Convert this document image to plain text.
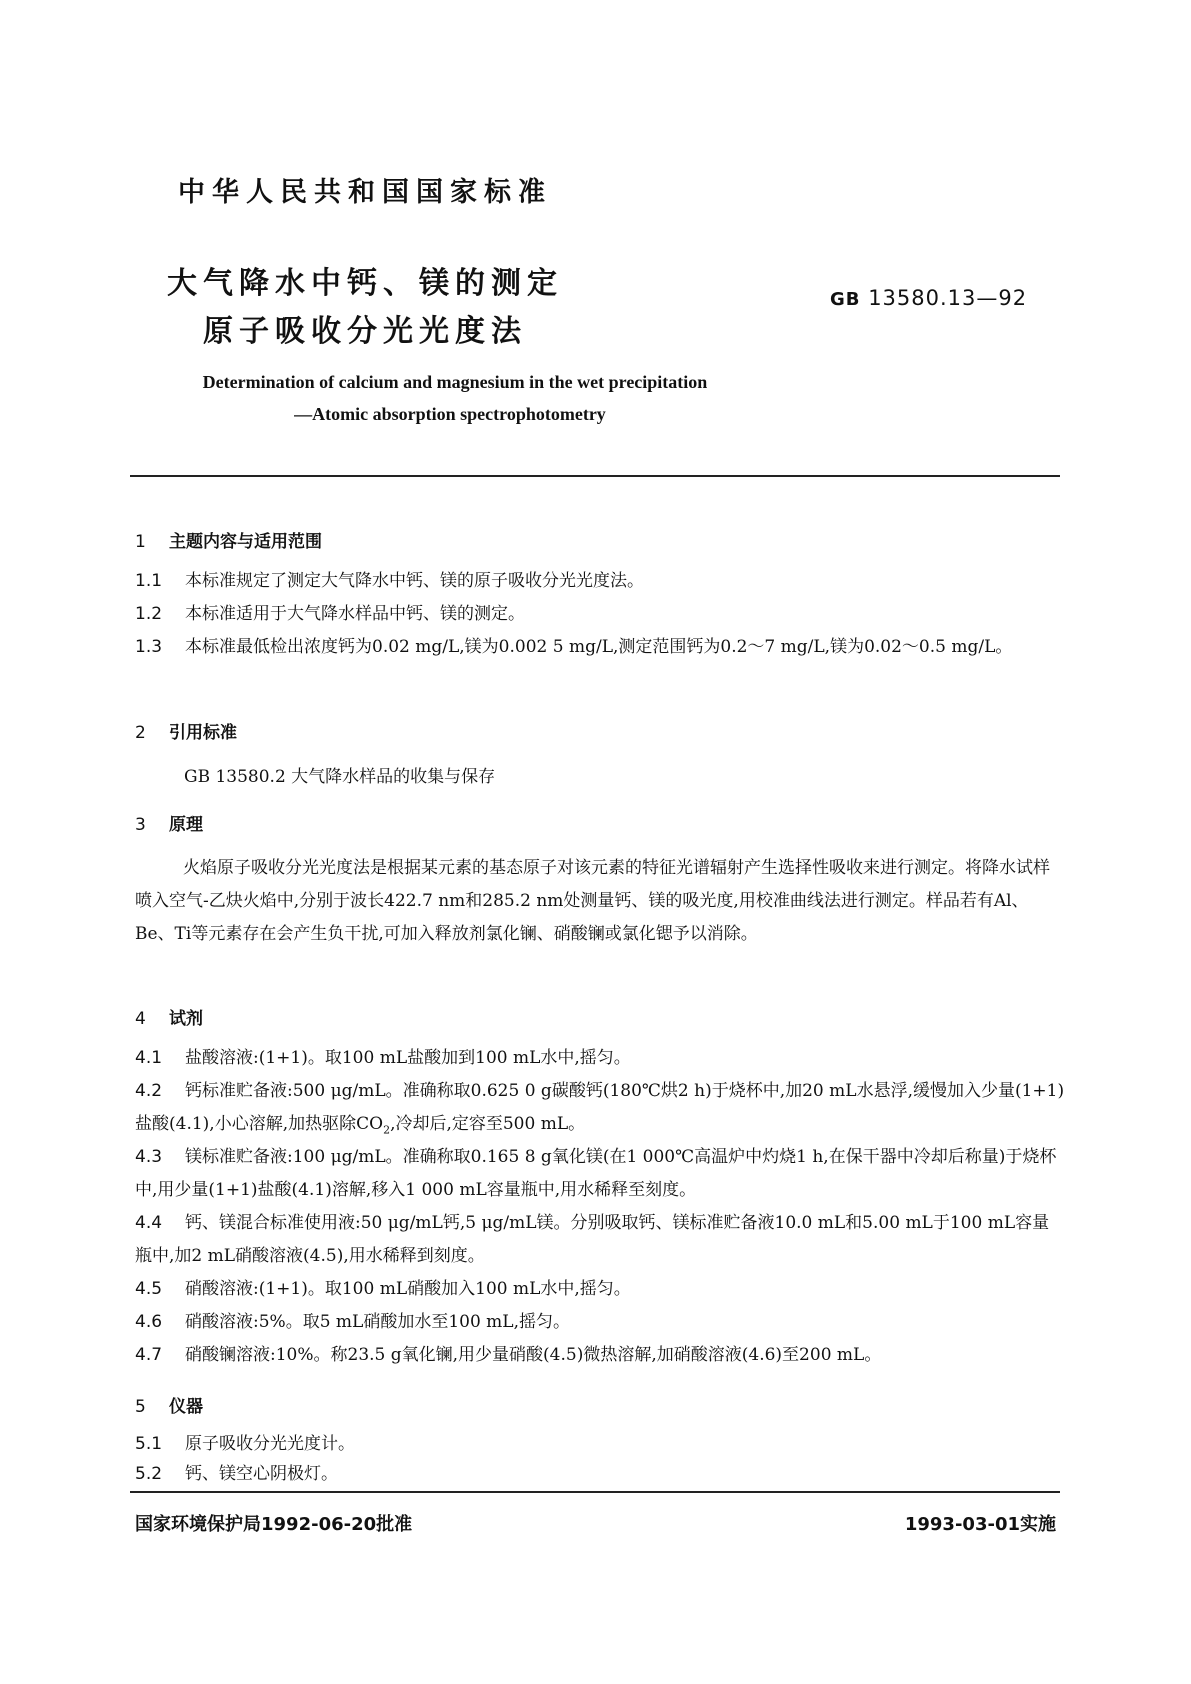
中华人民共和国国家标准
大气降水中钙、镁的测定
原子吸收分光光度法
GB 13580.13—92
Determination of calcium and magnesium in the wet precipitation
—Atomic absorption spectrophotometry
1 主题内容与适用范围
1.1 本标准规定了测定大气降水中钙、镁的原子吸收分光光度法。
1.2 本标准适用于大气降水样品中钙、镁的测定。
1.3 本标准最低检出浓度钙为0.02 mg/L,镁为0.002 5 mg/L,测定范围钙为0.2～7 mg/L,镁为0.02～0.5 mg/L。
2 引用标准
GB 13580.2 大气降水样品的收集与保存
3 原理
火焰原子吸收分光光度法是根据某元素的基态原子对该元素的特征光谱辐射产生选择性吸收来进行测定。将降水试样喷入空气-乙炔火焰中,分别于波长422.7 nm和285.2 nm处测量钙、镁的吸光度,用校准曲线法进行测定。样品若有Al、Be、Ti等元素存在会产生负干扰,可加入释放剂氯化镧、硝酸镧或氯化锶予以消除。
4 试剂
4.1 盐酸溶液:(1+1)。取100 mL盐酸加到100 mL水中,摇匀。
4.2 钙标准贮备液:500 μg/mL。准确称取0.625 0 g碳酸钙(180℃烘2 h)于烧杯中,加20 mL水悬浮,缓慢加入少量(1+1)盐酸(4.1),小心溶解,加热驱除$CO_2$,冷却后,定容至500 mL。
4.3 镁标准贮备液:100 μg/mL。准确称取0.165 8 g氧化镁(在1 000℃高温炉中灼烧1 h,在保干器中冷却后称量)于烧杯中,用少量(1+1)盐酸(4.1)溶解,移入1 000 mL容量瓶中,用水稀释至刻度。
4.4 钙、镁混合标准使用液:50 μg/mL钙,5 μg/mL镁。分别吸取钙、镁标准贮备液10.0 mL和5.00 mL于100 mL容量瓶中,加2 mL硝酸溶液(4.5),用水稀释到刻度。
4.5 硝酸溶液:(1+1)。取100 mL硝酸加入100 mL水中,摇匀。
4.6 硝酸溶液:5%。取5 mL硝酸加水至100 mL,摇匀。
4.7 硝酸镧溶液:10%。称23.5 g氧化镧,用少量硝酸(4.5)微热溶解,加硝酸溶液(4.6)至200 mL。
5 仪器
5.1 原子吸收分光光度计。
5.2 钙、镁空心阴极灯。
国家环境保护局1992-06-20批准	1993-03-01实施
